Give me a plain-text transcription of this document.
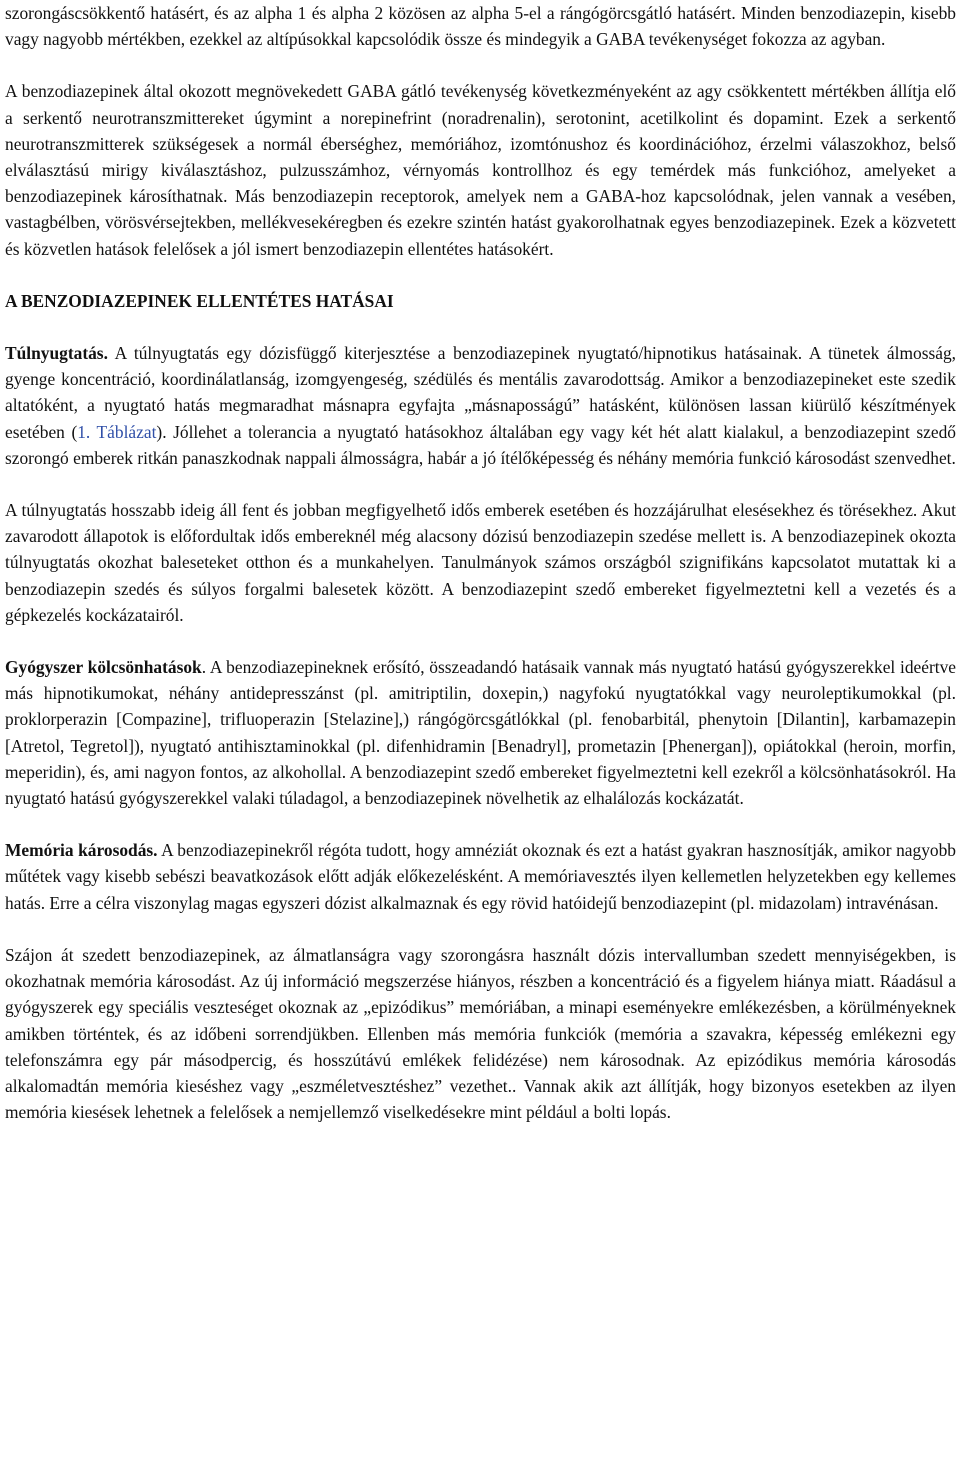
szorongáscsökkentő hatásért, és az alpha 1 és alpha 2 közösen az alpha 5-el a rángógörcsgátló hatásért. Minden benzodiazepin, kisebb vagy nagyobb mértékben, ezekkel az altípúsokkal kapcsolódik össze és mindegyik a GABA tevékenységet fokozza az agyban.

A benzodiazepinek által okozott megnövekedett GABA gátló tevékenység következményeként az agy csökkentett mértékben állítja elő a serkentő neurotranszmittereket úgymint a norepinefrint (noradrenalin), serotonint, acetilkolint és dopamint. Ezek a serkentő neurotranszmitterek szükségesek a normál éberséghez, memóriához, izomtónushoz és koordinációhoz, érzelmi válaszokhoz, belső elválasztású mirigy kiválasztáshoz, pulzusszámhoz, vérnyomás kontrollhoz és egy temérdek más funkcióhoz, amelyeket a benzodiazepinek károsíthatnak. Más benzodiazepin receptorok, amelyek nem a GABA-hoz kapcsolódnak, jelen vannak a vesében, vastagbélben, vörösvérsejtekben, mellékvesekéregben és ezekre szintén hatást gyakorolhatnak egyes benzodiazepinek. Ezek a közvetett és közvetlen hatások felelősek a jól ismert benzodiazepin ellentétes hatásokért.

A BENZODIAZEPINEK ELLENTÉTES HATÁSAI

Túlnyugtatás. A túlnyugtatás egy dózisfüggő kiterjesztése a benzodiazepinek nyugtató/hipnotikus hatásainak. A tünetek álmosság, gyenge koncentráció, koordinálatlanság, izomgyengeség, szédülés és mentális zavarodottság. Amikor a benzodiazepineket este szedik altatóként, a nyugtató hatás megmaradhat másnapra egyfajta „másnaposságú” hatásként, különösen lassan kiürülő készítmények esetében (1. Táblázat). Jóllehet a tolerancia a nyugtató hatásokhoz általában egy vagy két hét alatt kialakul, a benzodiazepint szedő szorongó emberek ritkán panaszkodnak nappali álmosságra, habár a jó ítélőképesség és néhány memória funkció károsodást szenvedhet.

A túlnyugtatás hosszabb ideig áll fent és jobban megfigyelhető idős emberek esetében és hozzájárulhat elesésekhez és törésekhez. Akut zavarodott állapotok is előfordultak idős embereknél még alacsony dózisú benzodiazepin szedése mellett is. A benzodiazepinek okozta túlnyugtatás okozhat baleseteket otthon és a munkahelyen. Tanulmányok számos országból szignifikáns kapcsolatot mutattak ki a benzodiazepin szedés és súlyos forgalmi balesetek között. A benzodiazepint szedő embereket figyelmeztetni kell a vezetés és a gépkezelés kockázatairól.

Gyógyszer kölcsönhatások. A benzodiazepineknek erősító, összeadandó hatásaik vannak más nyugtató hatású gyógyszerekkel ideértve más hipnotikumokat, néhány antidepresszánst (pl. amitriptilin, doxepin,) nagyfokú nyugtatókkal vagy neuroleptikumokkal (pl. proklorperazin [Compazine], trifluoperazin [Stelazine],) rángógörcsgátlókkal (pl. fenobarbitál, phenytoin [Dilantin], karbamazepin [Atretol, Tegretol]), nyugtató antihisztaminokkal (pl. difenhidramin [Benadryl], prometazin [Phenergan]), opiátokkal (heroin, morfin, meperidin), és, ami nagyon fontos, az alkohollal. A benzodiazepint szedő embereket figyelmeztetni kell ezekről a kölcsönhatásokról. Ha nyugtató hatású gyógyszerekkel valaki túladagol, a benzodiazepinek növelhetik az elhalálozás kockázatát.

Memória károsodás. A benzodiazepinekről régóta tudott, hogy amnéziát okoznak és ezt a hatást gyakran hasznosítják, amikor nagyobb műtétek vagy kisebb sebészi beavatkozások előtt adják előkezelésként. A memóriavesztés ilyen kellemetlen helyzetekben egy kellemes hatás. Erre a célra viszonylag magas egyszeri dózist alkalmaznak és egy rövid hatóidejű benzodiazepint (pl. midazolam) intravénásan.

Szájon át szedett benzodiazepinek, az álmatlanságra vagy szorongásra használt dózis intervallumban szedett mennyiségekben, is okozhatnak memória károsodást. Az új információ megszerzése hiányos, részben a koncentráció és a figyelem hiánya miatt. Ráadásul a gyógyszerek egy speciális veszteséget okoznak az „epizódikus” memóriában, a minapi eseményekre emlékezésben, a körülményeknek amikben történtek, és az időbeni sorrendjükben. Ellenben más memória funkciók (memória a szavakra, képesség emlékezni egy telefonszámra egy pár másodpercig, és hosszútávú emlékek felidézése) nem károsodnak. Az epizódikus memória károsodás alkalomadtán memória kieséshez vagy „eszméletvesztéshez” vezethet.. Vannak akik azt állítják, hogy bizonyos esetekben az ilyen memória kiesések lehetnek a felelősek a nemjellemző viselkedésekre mint például a bolti lopás.
